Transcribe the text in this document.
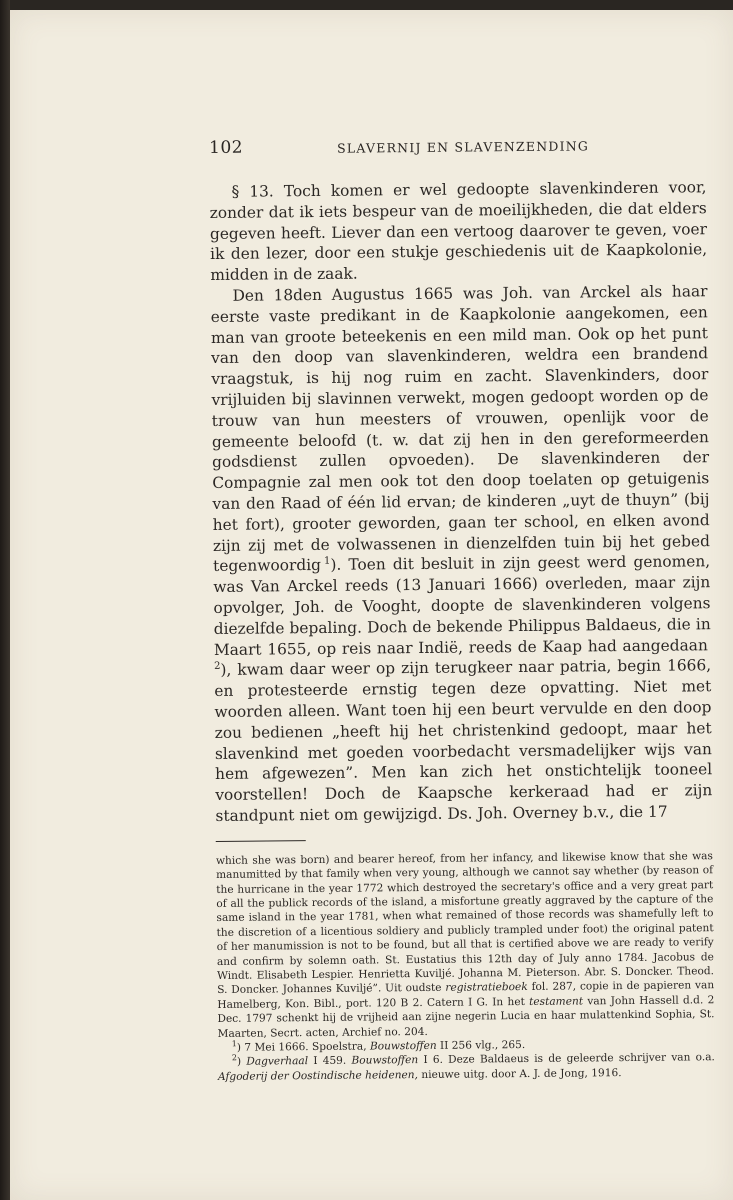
102	SLAVERNIJ EN SLAVENZENDING

§ 13. Toch komen er wel gedoopte slavenkinderen voor, zonder dat ik iets bespeur van de moeilijkheden, die dat elders gegeven heeft. Liever dan een vertoog daarover te geven, voer ik den lezer, door een stukje geschiedenis uit de Kaapkolonie, midden in de zaak.

Den 18den Augustus 1665 was Joh. van Arckel als haar eerste vaste predikant in de Kaapkolonie aangekomen, een man van groote beteekenis en een mild man. Ook op het punt van den doop van slavenkinderen, weldra een brandend vraagstuk, is hij nog ruim en zacht. Slavenkinders, door vrijluiden bij slavinnen verwekt, mogen gedoopt worden op de trouw van hun meesters of vrouwen, openlijk voor de gemeente beloofd (t. w. dat zij hen in den gereformeerden godsdienst zullen opvoeden). De slavenkinderen der Compagnie zal men ook tot den doop toelaten op getuigenis van den Raad of één lid ervan; de kinderen „uyt de thuyn” (bij het fort), grooter geworden, gaan ter school, en elken avond zijn zij met de volwassenen in dienzelfden tuin bij het gebed tegenwoordig  $^1$). Toen dit besluit in zijn geest werd genomen, was Van Arckel reeds (13 Januari 1666) overleden, maar zijn opvolger, Joh. de Vooght, doopte de slavenkinderen volgens diezelfde bepaling. Doch de bekende Philippus Baldaeus, die in Maart 1655, op reis naar Indië, reeds de Kaap had aangedaan $^2$), kwam daar weer op zijn terugkeer naar patria, begin 1666, en protesteerde ernstig tegen deze opvatting. Niet met woorden alleen. Want toen hij een beurt vervulde en den doop zou bedienen „heeft hij het christenkind gedoopt, maar het slavenkind met goeden voorbedacht versmadelijker wijs van hem afgewezen”. Men kan zich het onstichtelijk tooneel voorstellen! Doch de Kaapsche kerkeraad had er zijn standpunt niet om gewijzigd. Ds. Joh. Overney b.v., die 17

which she was born) and bearer hereof, from her infancy, and likewise know that she was manumitted by that family when very young, although we cannot say whether (by reason of the hurricane in the year 1772 which destroyed the secretary's office and a very great part of all the publick records of the island, a misfortune greatly aggraved by the capture of the same island in the year 1781, when what remained of those records was shamefully left to the discretion of a licentious soldiery and publicly trampled under foot) the original patent of her manumission is not to be found, but all that is certified above we are ready to verify and confirm by solemn oath. St. Eustatius this 12th day of July anno 1784. Jacobus de Windt. Elisabeth Lespier. Henrietta Kuviljé. Johanna M. Pieterson. Abr. S. Doncker. Theod. S. Doncker. Johannes Kuviljé”. Uit oudste registratieboek fol. 287, copie in de papieren van Hamelberg, Kon. Bibl., port. 120 B 2. Catern I G. In het testament van John Hassell d.d. 2 Dec. 1797 schenkt hij de vrijheid aan zijne negerin Lucia en haar mulattenkind Sophia, St. Maarten, Secrt. acten, Archief no. 204.

$^1$) 7 Mei 1666. Spoelstra, Bouwstoffen II 256 vlg., 265.

$^2$) Dagverhaal I 459. Bouwstoffen I 6. Deze Baldaeus is de geleerde schrijver van o.a. Afgoderij der Oostindische heidenen, nieuwe uitg. door A. J. de Jong, 1916.
